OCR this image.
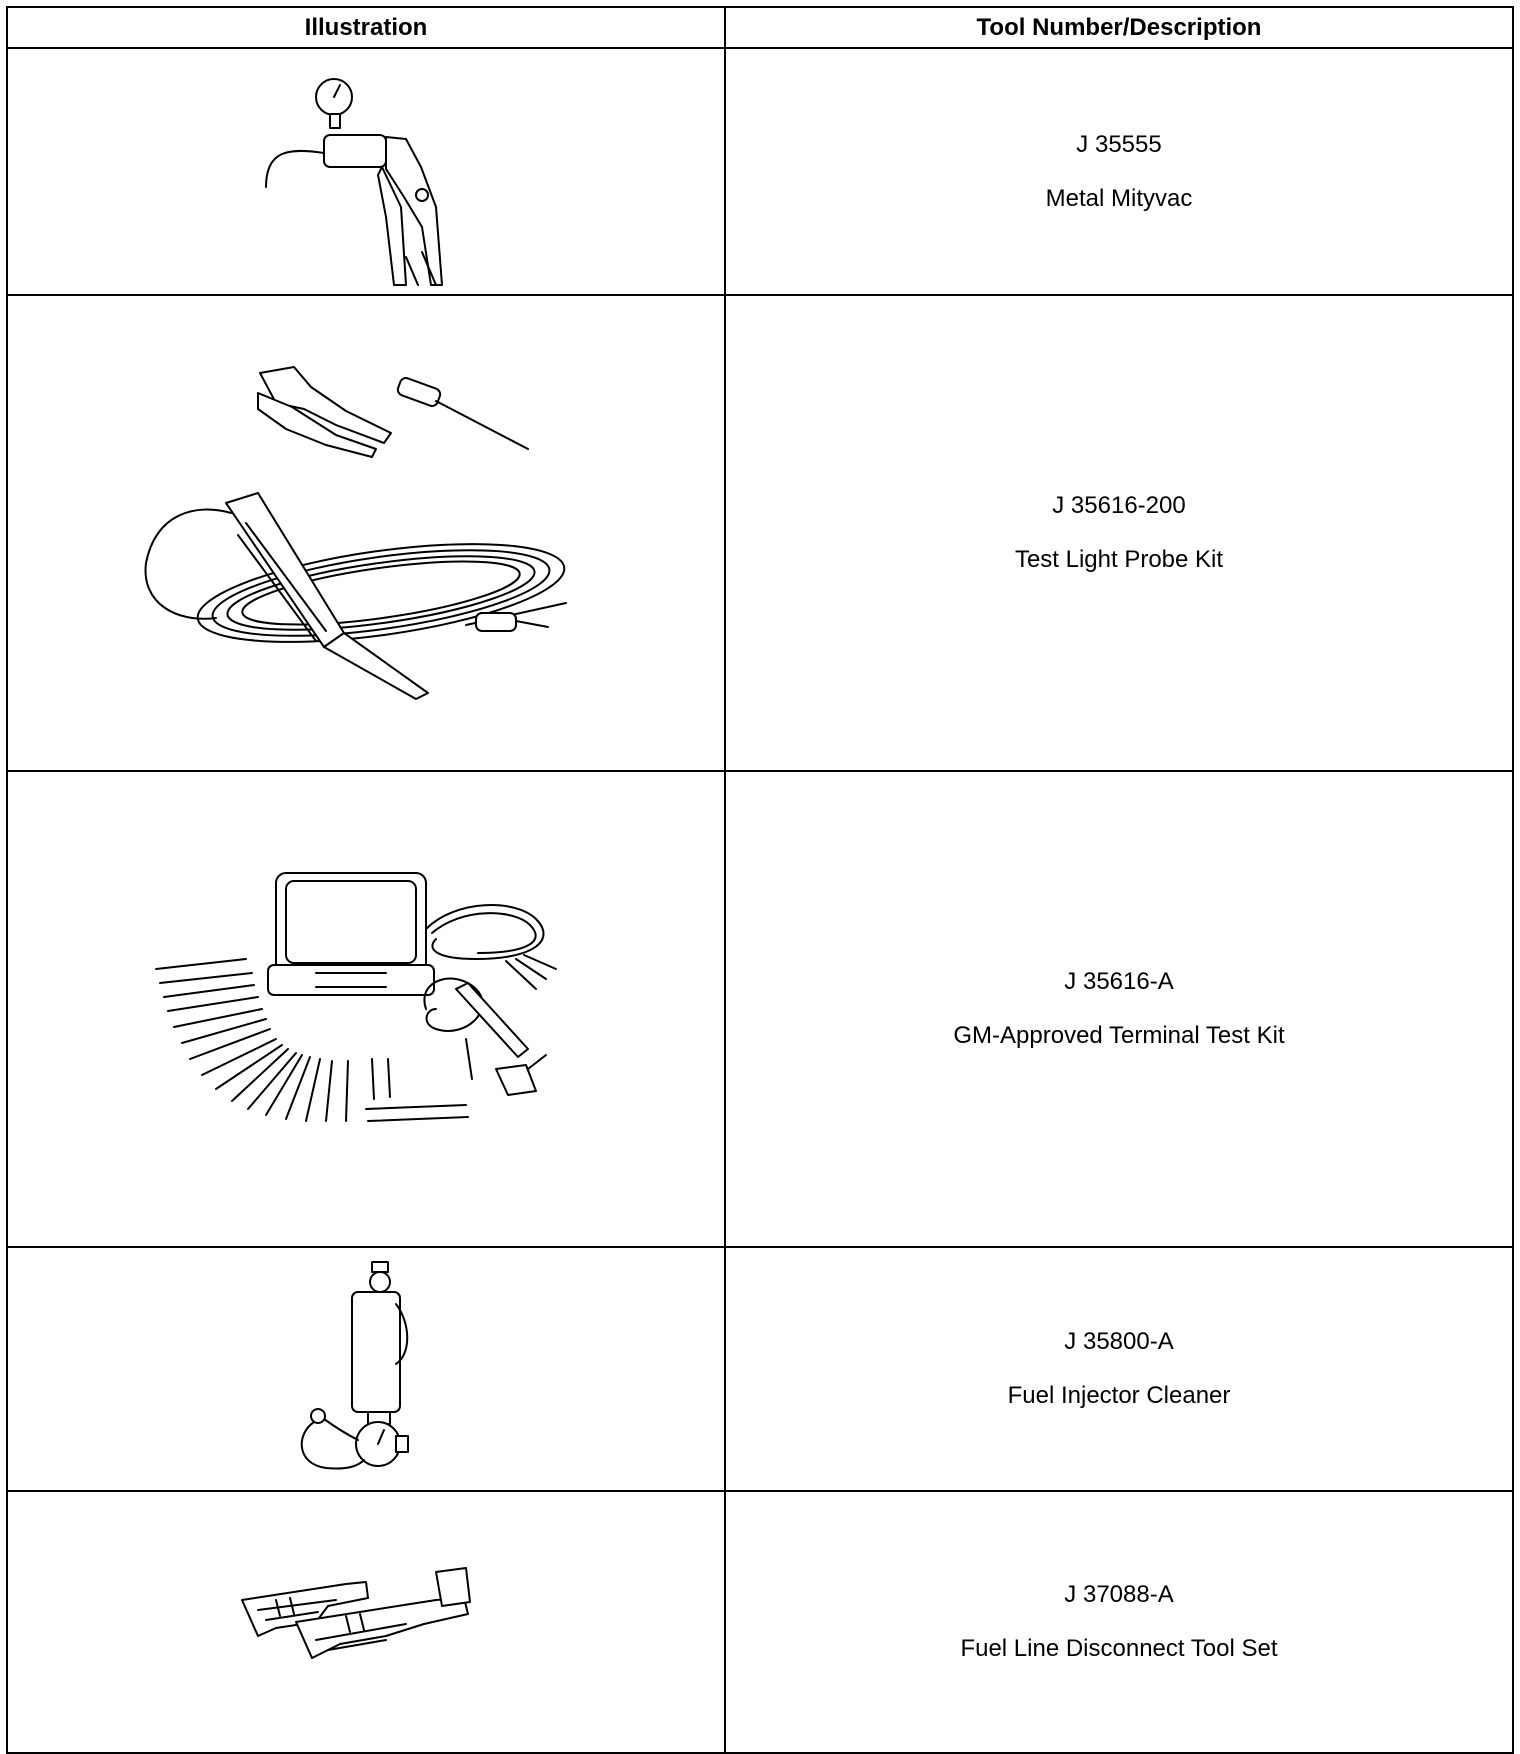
Illustration	Tool Number/Description

J 35555
Metal Mityvac

J 35616-200
Test Light Probe Kit

J 35616-A
GM-Approved Terminal Test Kit

J 35800-A
Fuel Injector Cleaner

J 37088-A
Fuel Line Disconnect Tool Set
